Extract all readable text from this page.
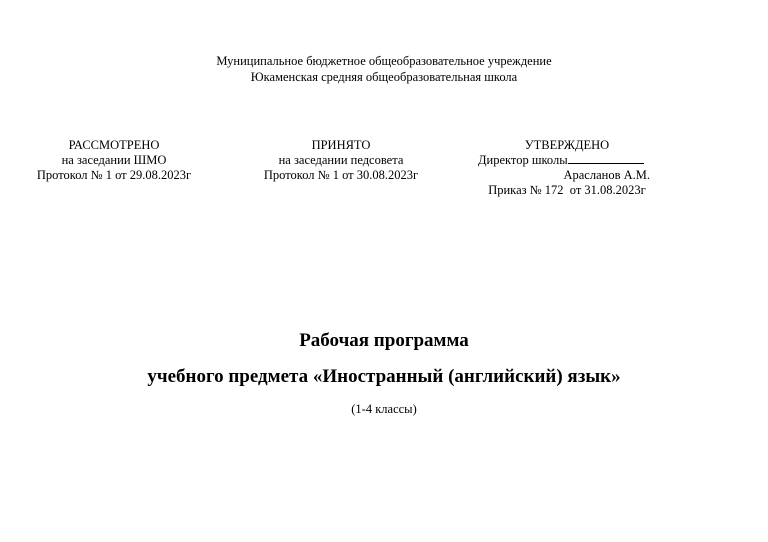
Муниципальное бюджетное общеобразовательное учреждение
Юкаменская средняя общеобразовательная школа
РАССМОТРЕНО
на заседании ШМО
Протокол № 1 от 29.08.2023г
ПРИНЯТО
на заседании педсовета
Протокол № 1 от 30.08.2023г
УТВЕРЖДЕНО
Директор школы
Арасланов А.М.
Приказ № 172  от 31.08.2023г
Рабочая программа
учебного предмета «Иностранный (английский) язык»
(1-4 классы)
